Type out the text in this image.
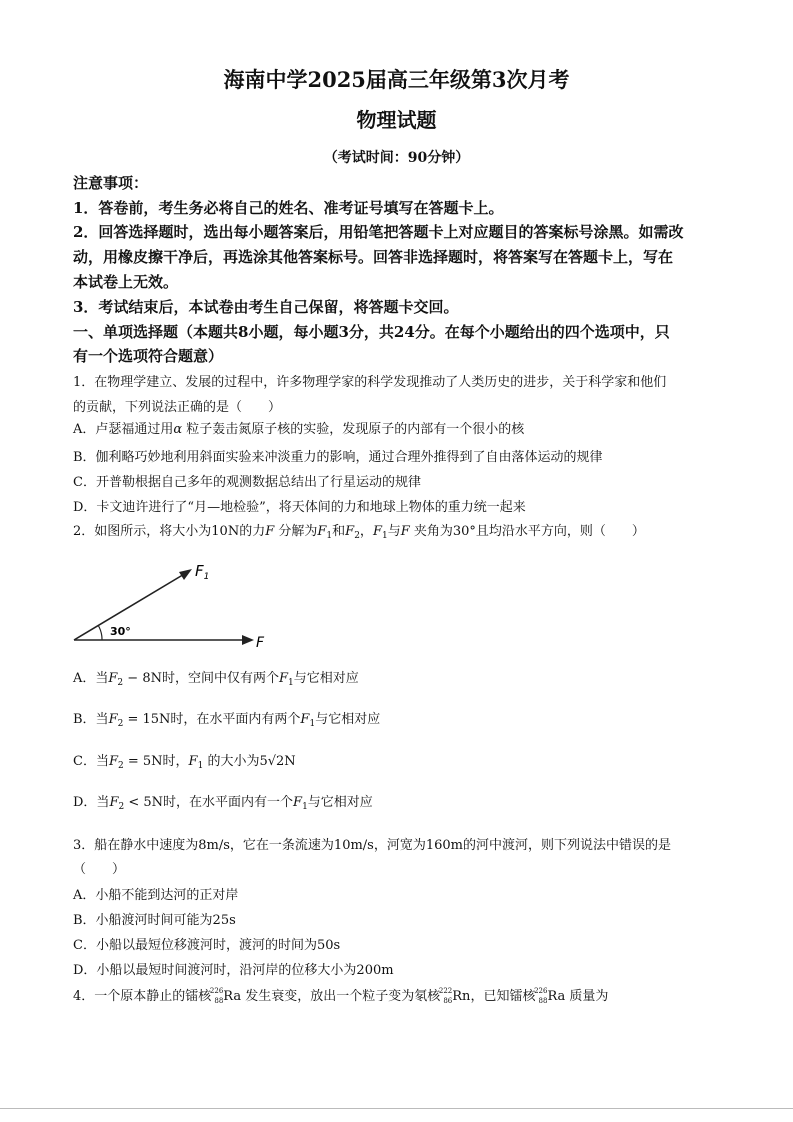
海南中学2025届高三年级第3次月考
物理试题
（考试时间：90分钟）
注意事项：
1．答卷前，考生务必将自己的姓名、准考证号填写在答题卡上。
2．回答选择题时，选出每小题答案后，用铅笔把答题卡上对应题目的答案标号涂黑。如需改
动，用橡皮擦干净后，再选涂其他答案标号。回答非选择题时，将答案写在答题卡上，写在
本试卷上无效。
3．考试结束后，本试卷由考生自己保留，将答题卡交回。
一、单项选择题（本题共8小题，每小题3分，共24分。在每个小题给出的四个选项中，只
有一个选项符合题意）
1．在物理学建立、发展的过程中，许多物理学家的科学发现推动了人类历史的进步，关于科学家和他们
的贡献，下列说法正确的是（　　）
A．卢瑟福通过用α 粒子轰击氮原子核的实验，发现原子的内部有一个很小的核
B．伽利略巧妙地利用斜面实验来冲淡重力的影响，通过合理外推得到了自由落体运动的规律
C．开普勒根据自己多年的观测数据总结出了行星运动的规律
D．卡文迪许进行了“月—地检验”，将天体间的力和地球上物体的重力统一起来
2．如图所示，将大小为10N的力F 分解为$F_1$和$F_2$，$F_1$与F 夹角为30°且均沿水平方向，则（　　）
$F_1$
30°
F
A．当$F_2 - 8N$时，空间中仅有两个$F_1$与它相对应
B．当$F_2 = 15N$时，在水平面内有两个$F_1$与它相对应
C．当$F_2 = 5N$时，$F_1$ 的大小为5√2N
D．当$F_2 < 5N$时，在水平面内有一个$F_1$与它相对应
3．船在静水中速度为8m/s，它在一条流速为10m/s，河宽为160m的河中渡河，则下列说法中错误的是
（　　）
A．小船不能到达河的正对岸
B．小船渡河时间可能为25s
C．小船以最短位移渡河时，渡河的时间为50s
D．小船以最短时间渡河时，沿河岸的位移大小为200m
4．一个原本静止的镭核
226
88 Ra 发生衰变，放出一个粒子变为氡核
222
86 Rn，已知镭核
226
88 Ra 质量为
